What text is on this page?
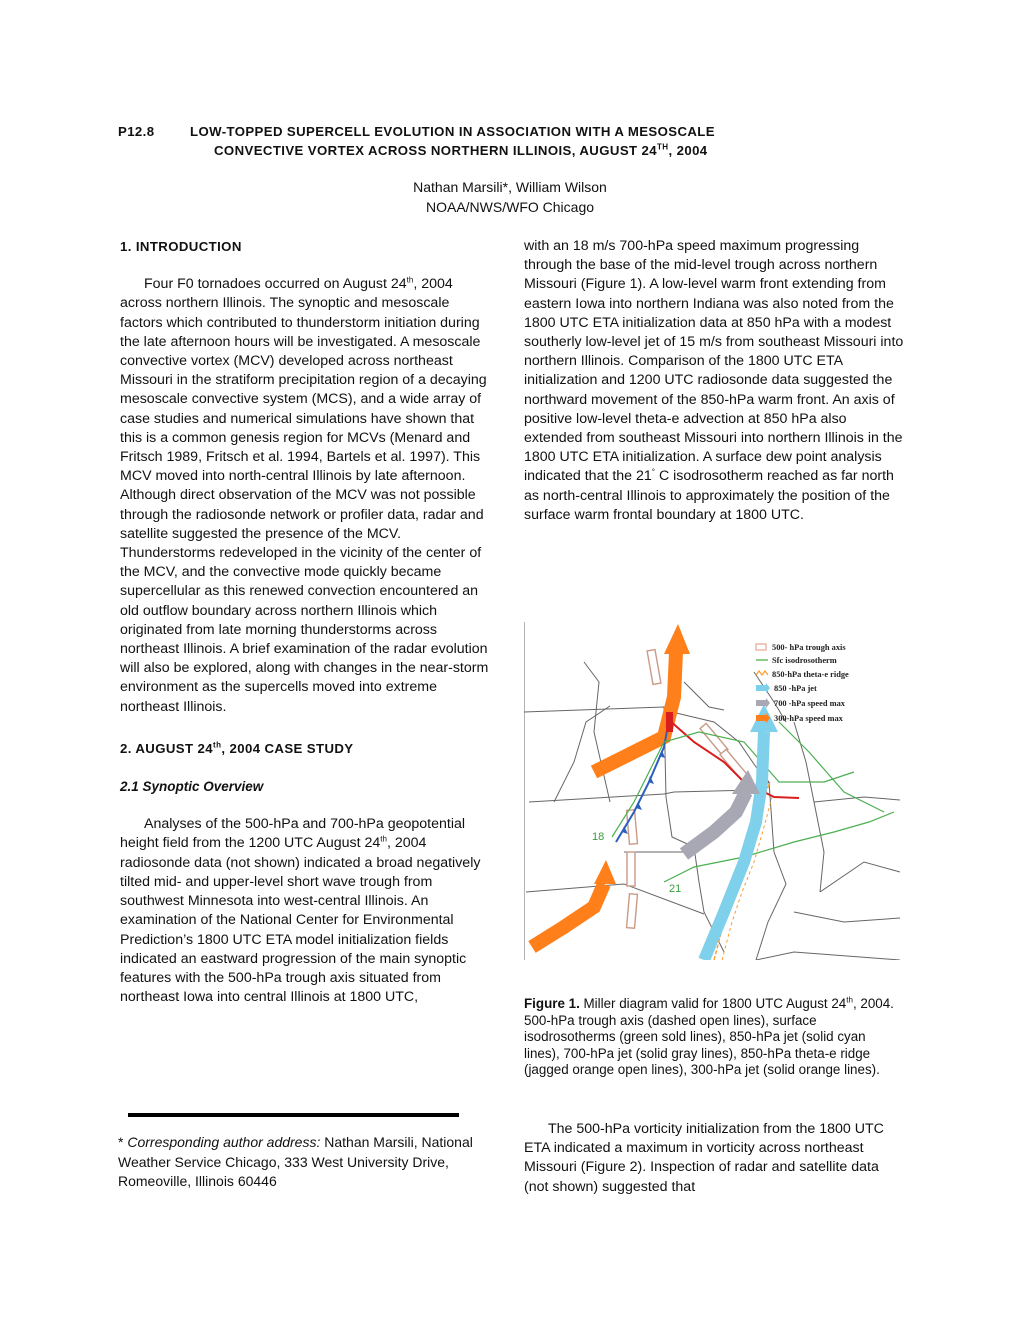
P12.8	LOW-TOPPED SUPERCELL EVOLUTION IN ASSOCIATION WITH A MESOSCALE
CONVECTIVE VORTEX ACROSS NORTHERN ILLINOIS, AUGUST 24TH, 2004
Nathan Marsili*, William Wilson
NOAA/NWS/WFO Chicago

1. INTRODUCTION

Four F0 tornadoes occurred on August 24th, 2004 across northern Illinois. The synoptic and mesoscale factors which contributed to thunderstorm initiation during the late afternoon hours will be investigated. A mesoscale convective vortex (MCV) developed across northeast Missouri in the stratiform precipitation region of a decaying mesoscale convective system (MCS), and a wide array of case studies and numerical simulations have shown that this is a common genesis region for MCVs (Menard and Fritsch 1989, Fritsch et al. 1994, Bartels et al. 1997). This MCV moved into north-central Illinois by late afternoon. Although direct observation of the MCV was not possible through the radiosonde network or profiler data, radar and satellite suggested the presence of the MCV. Thunderstorms redeveloped in the vicinity of the center of the MCV, and the convective mode quickly became supercellular as this renewed convection encountered an old outflow boundary across northern Illinois which originated from late morning thunderstorms across northeast Illinois. A brief examination of the radar evolution will also be explored, along with changes in the near-storm environment as the supercells moved into extreme northeast Illinois.

2. AUGUST 24th, 2004 CASE STUDY

2.1 Synoptic Overview

Analyses of the 500-hPa and 700-hPa geopotential height field from the 1200 UTC August 24th, 2004 radiosonde data (not shown) indicated a broad negatively tilted mid- and upper-level short wave trough from southwest Minnesota into west-central Illinois. An examination of the National Center for Environmental Prediction’s 1800 UTC ETA model initialization fields indicated an eastward progression of the main synoptic features with the 500-hPa trough axis situated from northeast Iowa into central Illinois at 1800 UTC,

with an 18 m/s 700-hPa speed maximum progressing through the base of the mid-level trough across northern Missouri (Figure 1). A low-level warm front extending from eastern Iowa into northern Indiana was also noted from the 1800 UTC ETA initialization data at 850 hPa with a modest southerly low-level jet of 15 m/s from southeast Missouri into northern Illinois. Comparison of the 1800 UTC ETA initialization and 1200 UTC radiosonde data suggested the northward movement of the 850-hPa warm front. An axis of positive low-level theta-e advection at 850 hPa also extended from southeast Missouri into northern Illinois in the 1800 UTC ETA initialization. A surface dew point analysis indicated that the 21° C isodrosotherm reached as far north as north-central Illinois to approximately the position of the surface warm frontal boundary at 1800 UTC.

18
21
500- hPa trough axis
Sfc isodrosotherm
850-hPa theta-e ridge
850 -hPa jet
700 -hPa speed max
300-hPa speed max
Figure 1. Miller diagram valid for 1800 UTC August 24th, 2004. 500-hPa trough axis (dashed open lines), surface isodrosotherms (green sold lines), 850-hPa jet (solid cyan lines), 700-hPa jet (solid gray lines), 850-hPa theta-e ridge (jagged orange open lines), 300-hPa jet (solid orange lines).

The 500-hPa vorticity initialization from the 1800 UTC ETA indicated a maximum in vorticity across northeast Missouri (Figure 2). Inspection of radar and satellite data (not shown) suggested that

* Corresponding author address: Nathan Marsili, National Weather Service Chicago, 333 West University Drive, Romeoville, Illinois 60446
